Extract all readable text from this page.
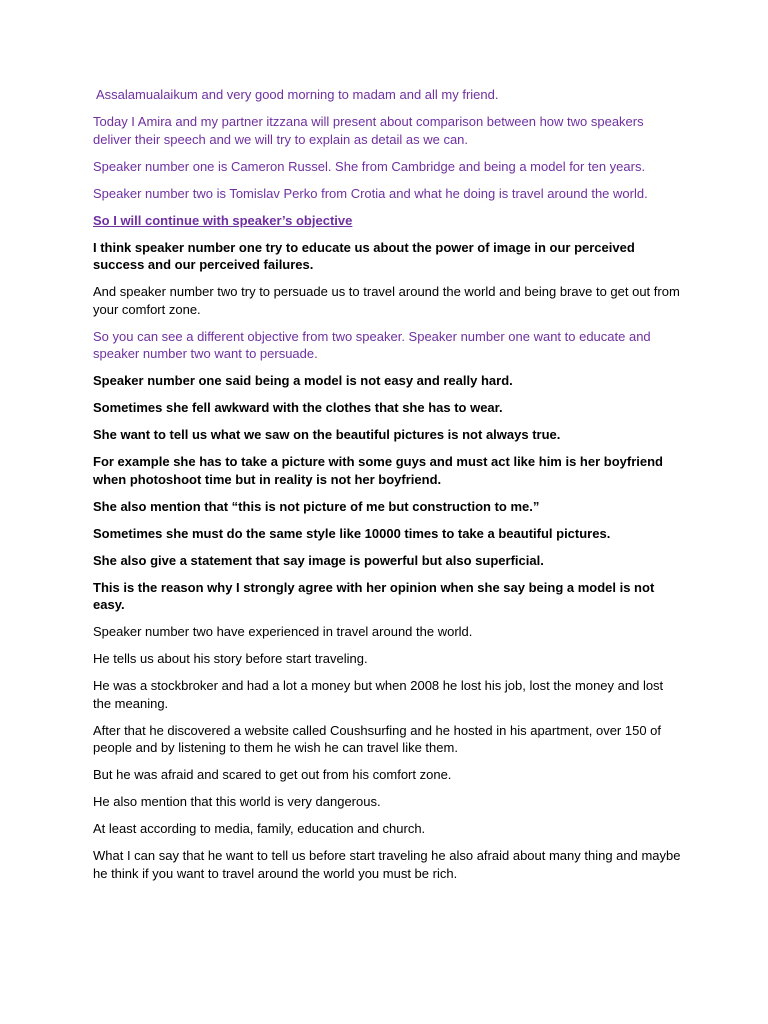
Assalamualaikum and very good morning to madam and all my friend.

Today I Amira and my partner itzzana will present about comparison between how two speakers deliver their speech and we will try to explain as detail as we can.

Speaker number one is Cameron Russel. She from Cambridge and being a model for ten years.

Speaker number two is Tomislav Perko from Crotia and what he doing is travel around the world.

So I will continue with speaker’s objective

I think speaker number one try to educate us about the power of image in our perceived success and our perceived failures.

And speaker number two try to persuade us to travel around the world and being brave to get out from your comfort zone.

So you can see a different objective from two speaker. Speaker number one want to educate and speaker number two want to persuade.

Speaker number one said being a model is not easy and really hard.

Sometimes she fell awkward with the clothes that she has to wear.

She want to tell us what we saw on the beautiful pictures is not always true.

For example she has to take a picture with some guys and must act like him is her boyfriend when photoshoot time but in reality is not her boyfriend.

She also mention that “this is not picture of me but construction to me.”

Sometimes she must do the same style like 10000 times to take a beautiful pictures.

She also give a statement that say image is powerful but also superficial.

This is the reason why I strongly agree with her opinion when she say being a model is not easy.

Speaker number two have experienced in travel around the world.

He tells us about his story before start traveling.

He was a stockbroker and had a lot a money but when 2008 he lost his job, lost the money and lost the meaning.

After that he discovered a website called Coushsurfing and he hosted in his apartment, over 150 of people and by listening to them he wish he can travel like them.

But he was afraid and scared to get out from his comfort zone.

He also mention that this world is very dangerous.

At least according to media, family, education and church.

What I can say that he want to tell us before start traveling he also afraid about many thing and maybe he think if you want to travel around the world you must be rich.
